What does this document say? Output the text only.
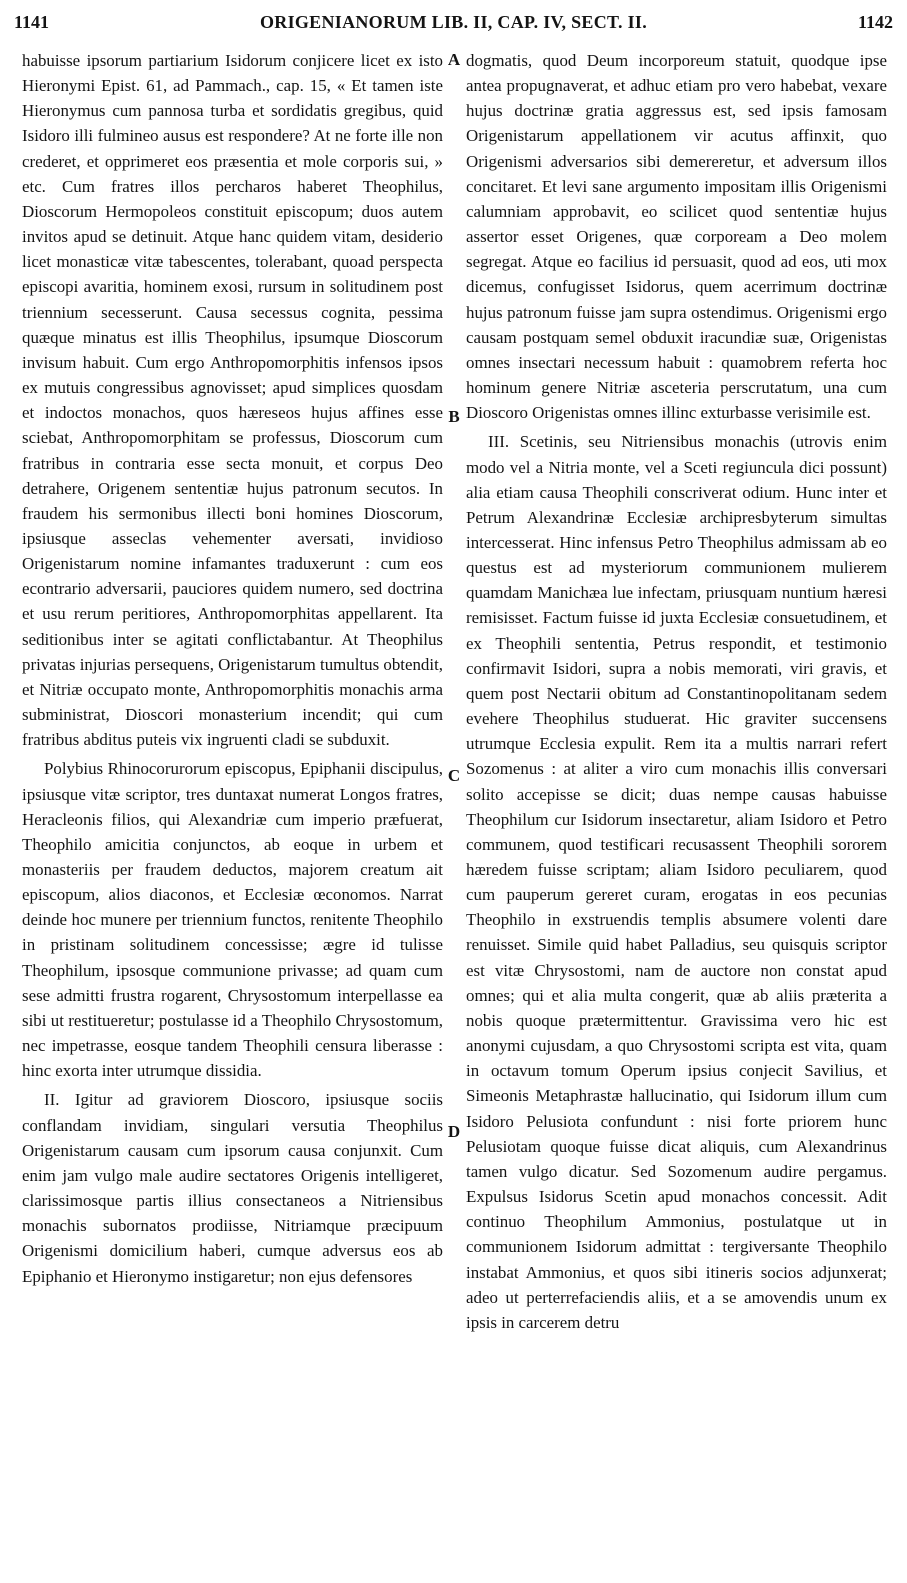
1141	ORIGENIANORUM LIB. II, CAP. IV, SECT. II.	1142

habuisse ipsorum partiarium Isidorum conjicere licet ex isto Hieronymi Epist. 61, ad Pammach., cap. 15, « Et tamen iste Hieronymus cum pannosa turba et sordidatis gregibus, quid Isidoro illi fulmineo ausus est respondere? At ne forte ille non crederet, et opprimeret eos præsentia et mole corporis sui, » etc. Cum fratres illos percharos haberet Theophilus, Dioscorum Hermopoleos constituit episcopum; duos autem invitos apud se detinuit. Atque hanc quidem vitam, desiderio licet monasticæ vitæ tabescentes, tolerabant, quoad perspecta episcopi avaritia, hominem exosi, rursum in solitudinem post triennium secesserunt. Causa secessus cognita, pessima quæque minatus est illis Theophilus, ipsumque Dioscorum invisum habuit. Cum ergo Anthropomorphitis infensos ipsos ex mutuis congressibus agnovisset; apud simplices quosdam et indoctos monachos, quos hæreseos hujus affines esse sciebat, Anthropomorphitam se professus, Dioscorum cum fratribus in contraria esse secta monuit, et corpus Deo detrahere, Origenem sententiæ hujus patronum secutos. In fraudem his sermonibus illecti boni homines Dioscorum, ipsiusque asseclas vehementer aversati, invidioso Origenistarum nomine infamantes traduxerunt : cum eos econtrario adversarii, pauciores quidem numero, sed doctrina et usu rerum peritiores, Anthropomorphitas appellarent. Ita seditionibus inter se agitati conflictabantur. At Theophilus privatas injurias persequens, Origenistarum tumultus obtendit, et Nitriæ occupato monte, Anthropomorphitis monachis arma subministrat, Dioscori monasterium incendit; qui cum fratribus abditus puteis vix ingruenti cladi se subduxit.

Polybius Rhinocorurorum episcopus, Epiphanii discipulus, ipsiusque vitæ scriptor, tres duntaxat numerat Longos fratres, Heracleonis filios, qui Alexandriæ cum imperio præfuerat, Theophilo amicitia conjunctos, ab eoque in urbem et monasteriis per fraudem deductos, majorem creatum ait episcopum, alios diaconos, et Ecclesiæ œconomos. Narrat deinde hoc munere per triennium functos, renitente Theophilo in pristinam solitudinem concessisse; ægre id tulisse Theophilum, ipsosque communione privasse; ad quam cum sese admitti frustra rogarent, Chrysostomum interpellasse ea sibi ut restitueretur; postulasse id a Theophilo Chrysostomum, nec impetrasse, eosque tandem Theophili censura liberasse : hinc exorta inter utrumque dissidia.

II. Igitur ad graviorem Dioscoro, ipsiusque sociis conflandam invidiam, singulari versutia Theophilus Origenistarum causam cum ipsorum causa conjunxit. Cum enim jam vulgo male audire sectatores Origenis intelligeret, clarissimosque partis illius consectaneos a Nitriensibus monachis subornatos prodiisse, Nitriamque præcipuum Origenismi domicilium haberi, cumque adversus eos ab Epiphanio et Hieronymo instigaretur; non ejus defensores

A
B
C
D

dogmatis, quod Deum incorporeum statuit, quodque ipse antea propugnaverat, et adhuc etiam pro vero habebat, vexare hujus doctrinæ gratia aggressus est, sed ipsis famosam Origenistarum appellationem vir acutus affinxit, quo Origenismi adversarios sibi demereretur, et adversum illos concitaret. Et levi sane argumento impositam illis Origenismi calumniam approbavit, eo scilicet quod sententiæ hujus assertor esset Origenes, quæ corpoream a Deo molem segregat. Atque eo facilius id persuasit, quod ad eos, uti mox dicemus, confugisset Isidorus, quem acerrimum doctrinæ hujus patronum fuisse jam supra ostendimus. Origenismi ergo causam postquam semel obduxit iracundiæ suæ, Origenistas omnes insectari necessum habuit : quamobrem referta hoc hominum genere Nitriæ asceteria perscrutatum, una cum Dioscoro Origenistas omnes illinc exturbasse verisimile est.

III. Scetinis, seu Nitriensibus monachis (utrovis enim modo vel a Nitria monte, vel a Sceti regiuncula dici possunt) alia etiam causa Theophili conscriverat odium. Hunc inter et Petrum Alexandrinæ Ecclesiæ archipresbyterum simultas intercesserat. Hinc infensus Petro Theophilus admissam ab eo questus est ad mysteriorum communionem mulierem quamdam Manichæa lue infectam, priusquam nuntium hæresi remisisset. Factum fuisse id juxta Ecclesiæ consuetudinem, et ex Theophili sententia, Petrus respondit, et testimonio confirmavit Isidori, supra a nobis memorati, viri gravis, et quem post Nectarii obitum ad Constantinopolitanam sedem evehere Theophilus studuerat. Hic graviter succensens utrumque Ecclesia expulit. Rem ita a multis narrari refert Sozomenus : at aliter a viro cum monachis illis conversari solito accepisse se dicit; duas nempe causas habuisse Theophilum cur Isidorum insectaretur, aliam Isidoro et Petro communem, quod testificari recusassent Theophili sororem hæredem fuisse scriptam; aliam Isidoro peculiarem, quod cum pauperum gereret curam, erogatas in eos pecunias Theophilo in exstruendis templis absumere volenti dare renuisset. Simile quid habet Palladius, seu quisquis scriptor est vitæ Chrysostomi, nam de auctore non constat apud omnes; qui et alia multa congerit, quæ ab aliis præterita a nobis quoque prætermittentur. Gravissima vero hic est anonymi cujusdam, a quo Chrysostomi scripta est vita, quam in octavum tomum Operum ipsius conjecit Savilius, et Simeonis Metaphrastæ hallucinatio, qui Isidorum illum cum Isidoro Pelusiota confundunt : nisi forte priorem hunc Pelusiotam quoque fuisse dicat aliquis, cum Alexandrinus tamen vulgo dicatur. Sed Sozomenum audire pergamus. Expulsus Isidorus Scetin apud monachos concessit. Adit continuo Theophilum Ammonius, postulatque ut in communionem Isidorum admittat : tergiversante Theophilo instabat Ammonius, et quos sibi itineris socios adjunxerat; adeo ut perterrefaciendis aliis, et a se amovendis unum ex ipsis in carcerem detru
